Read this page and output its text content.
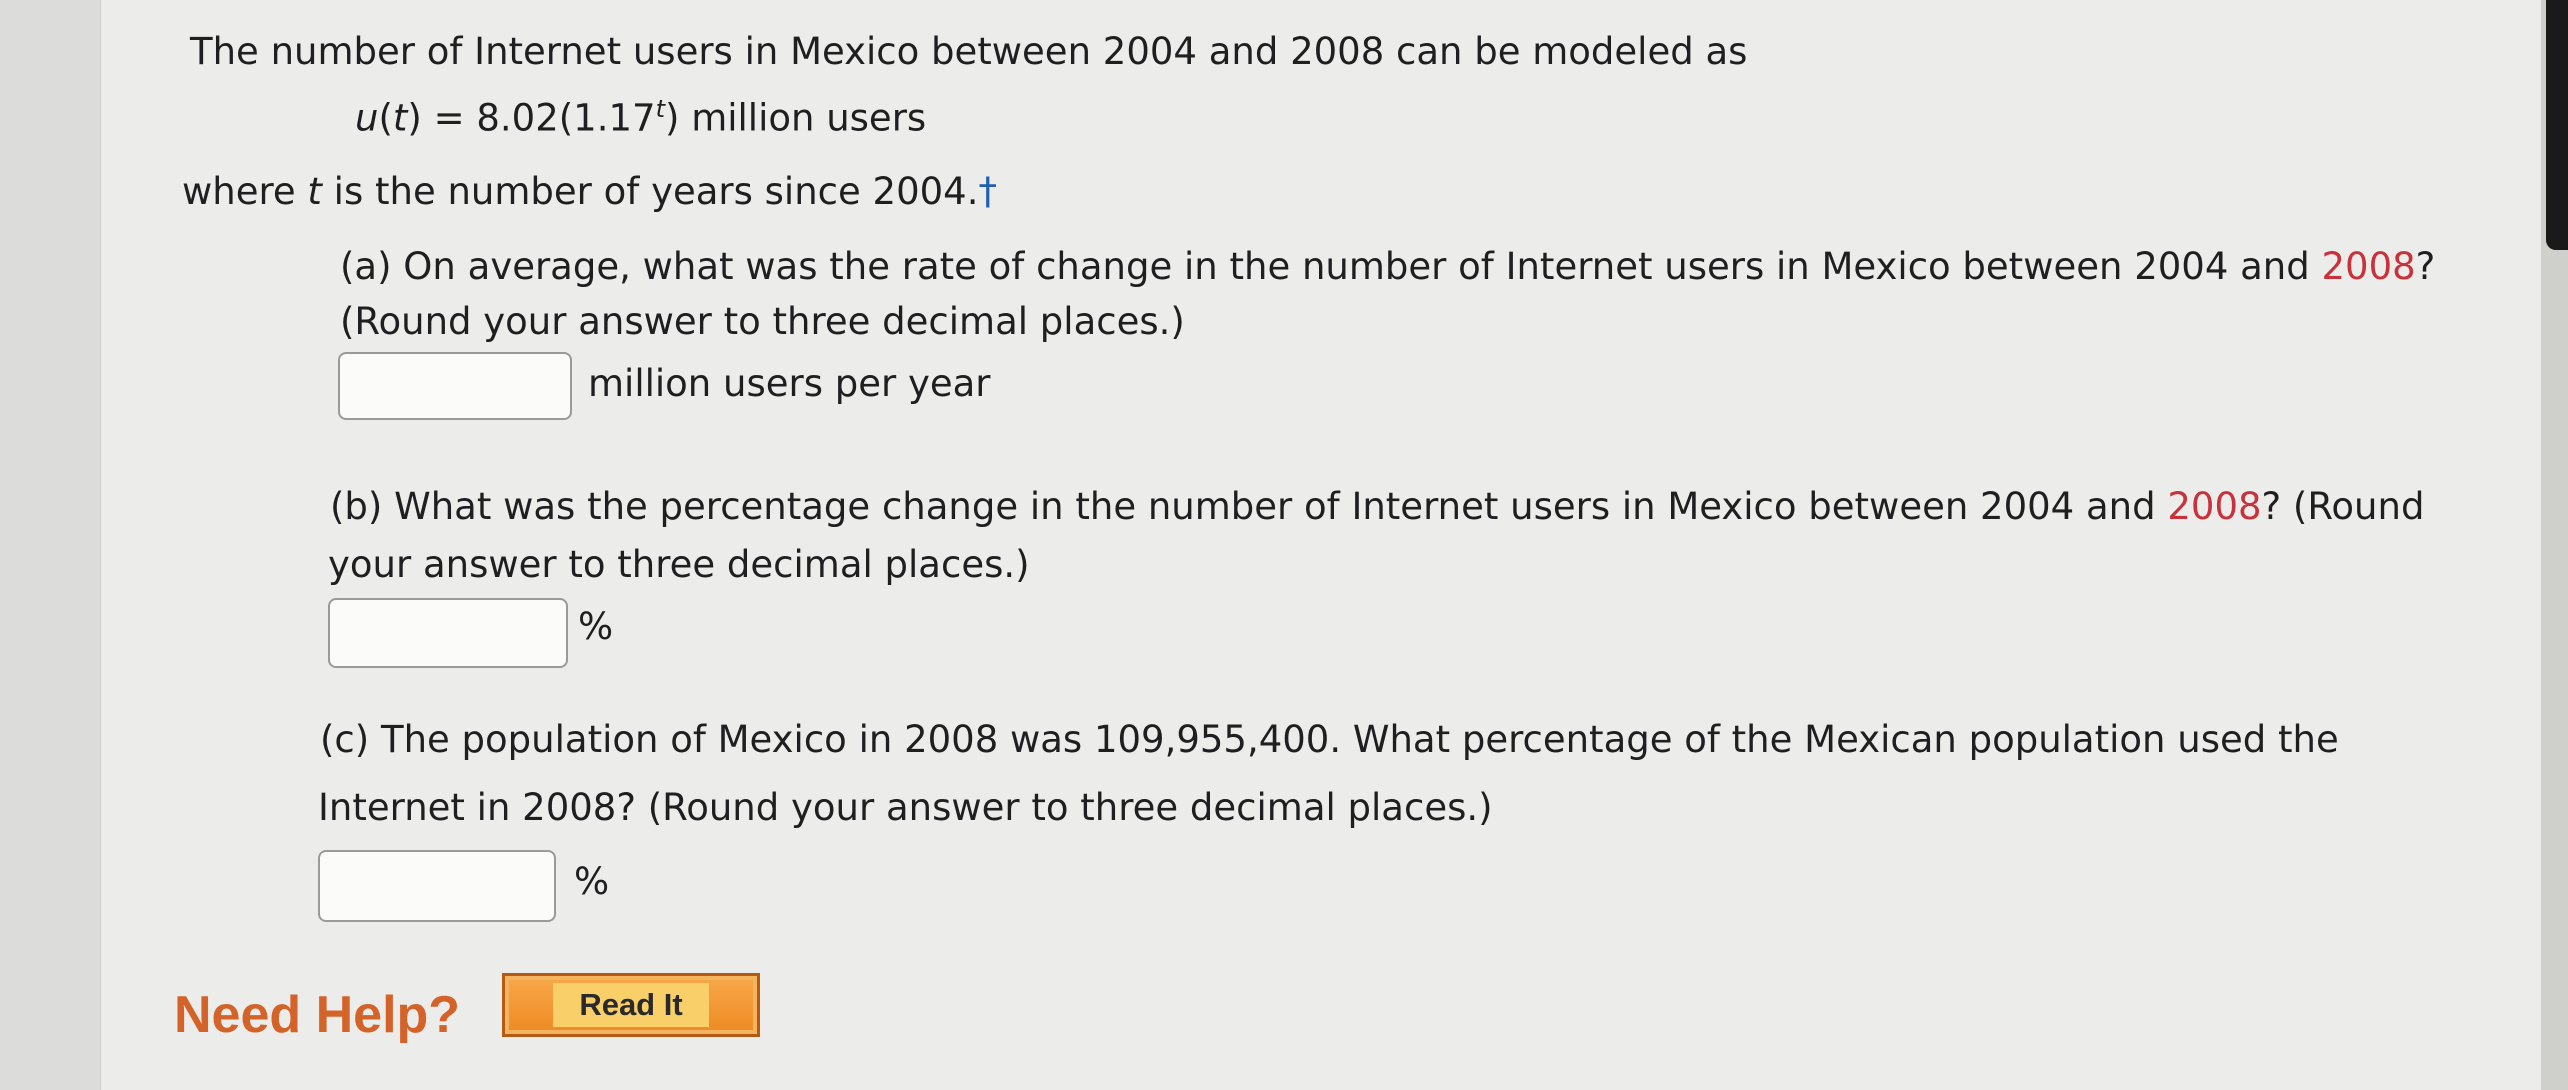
The number of Internet users in Mexico between 2004 and 2008 can be modeled as
$u(t) = 8.02(1.17^t)$ million users
where t is the number of years since 2004.†
(a) On average, what was the rate of change in the number of Internet users in Mexico between 2004 and 2008?
(Round your answer to three decimal places.)
million users per year
(b) What was the percentage change in the number of Internet users in Mexico between 2004 and 2008? (Round
your answer to three decimal places.)
%
(c) The population of Mexico in 2008 was 109,955,400. What percentage of the Mexican population used the
Internet in 2008? (Round your answer to three decimal places.)
%
Need Help?	Read It
